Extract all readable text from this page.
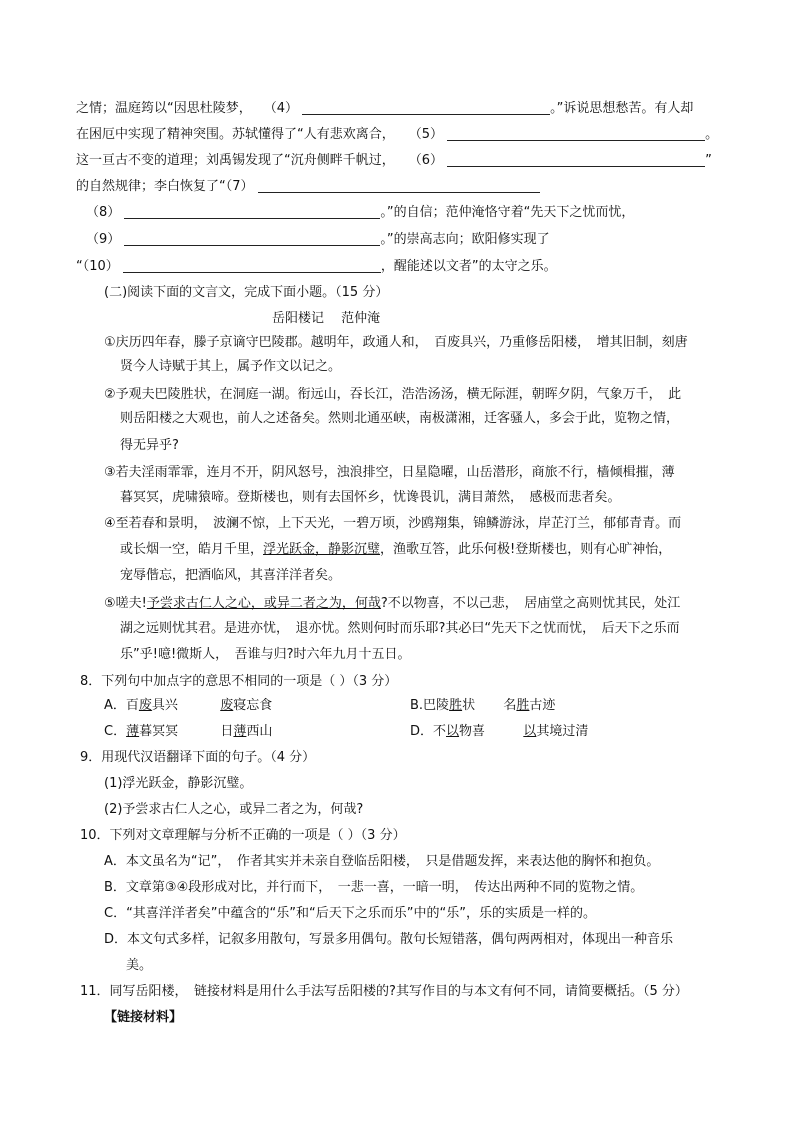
之情；温庭筠以“因思杜陵梦， （4）	。”诉说思想愁苦。有人却
在困厄中实现了精神突围。苏轼懂得了“人有悲欢离合， （5）	。
这一亘古不变的道理；刘禹锡发现了“沉舟侧畔千帆过， （6）	”
的自然规律；李白恢复了“（7）
（8）	。”的自信；范仲淹恪守着“先天下之忧而忧，
（9）	。”的崇高志向；欧阳修实现了
“（10）	，醒能述以文者”的太守之乐。
(二)阅读下面的文言文，完成下面小题。（15 分）
岳阳楼记　 范仲淹
①庆历四年春，滕子京谪守巴陵郡。越明年，政通人和，　百废具兴，乃重修岳阳楼，　增其旧制，刻唐
贤今人诗赋于其上，属予作文以记之。
②予观夫巴陵胜状，在洞庭一湖。衔远山，吞长江，浩浩汤汤，横无际涯，朝晖夕阴，气象万千，　此
则岳阳楼之大观也，前人之述备矣。然则北通巫峡，南极潇湘，迁客骚人，多会于此，览物之情，
得无异乎?
③若夫淫雨霏霏，连月不开，阴风怒号，浊浪排空，日星隐曜，山岳潜形，商旅不行，樯倾楫摧，薄
暮冥冥，虎啸猿啼。登斯楼也，则有去国怀乡，忧谗畏讥，满目萧然，　感极而悲者矣。
④至若春和景明，　波澜不惊，上下天光，一碧万顷，沙鸥翔集，锦鳞游泳，岸芷汀兰，郁郁青青。而
或长烟一空，皓月千里，浮光跃金，静影沉璧，渔歌互答，此乐何极!登斯楼也，则有心旷神怡，
宠辱偕忘，把酒临风，其喜洋洋者矣。
⑤嗟夫!予尝求古仁人之心，或异二者之为，何哉?不以物喜，不以己悲，　居庙堂之高则忧其民，处江
湖之远则忧其君。是进亦忧，　退亦忧。然则何时而乐耶?其必曰“先天下之忧而忧，　后天下之乐而
乐”乎!噫!微斯人，　吾谁与归?时六年九月十五日。
8．下列句中加点字的意思不相同的一项是（ ）（3 分）
A．百废具兴	废寝忘食	B.巴陵胜状 名胜古迹
C．薄暮冥冥	日薄西山	D．不以物喜	以其境过清
9．用现代汉语翻译下面的句子。（4 分）
(1)浮光跃金，静影沉璧。
(2)予尝求古仁人之心，或异二者之为，何哉?
10．下列对文章理解与分析不正确的一项是（ ）（3 分）
A．本文虽名为“记”，　作者其实并未亲自登临岳阳楼，　只是借题发挥，来表达他的胸怀和抱负。
B．文章第③④段形成对比，并行而下，　一悲一喜，一暗一明，　传达出两种不同的览物之情。
C．“其喜洋洋者矣”中蕴含的“乐”和“后天下之乐而乐”中的“乐”，乐的实质是一样的。
D．本文句式多样，记叙多用散句，写景多用偶句。散句长短错落，偶句两两相对，体现出一种音乐
美。
11．同写岳阳楼，　链接材料是用什么手法写岳阳楼的?其写作目的与本文有何不同，请简要概括。（5 分）
【链接材料】
